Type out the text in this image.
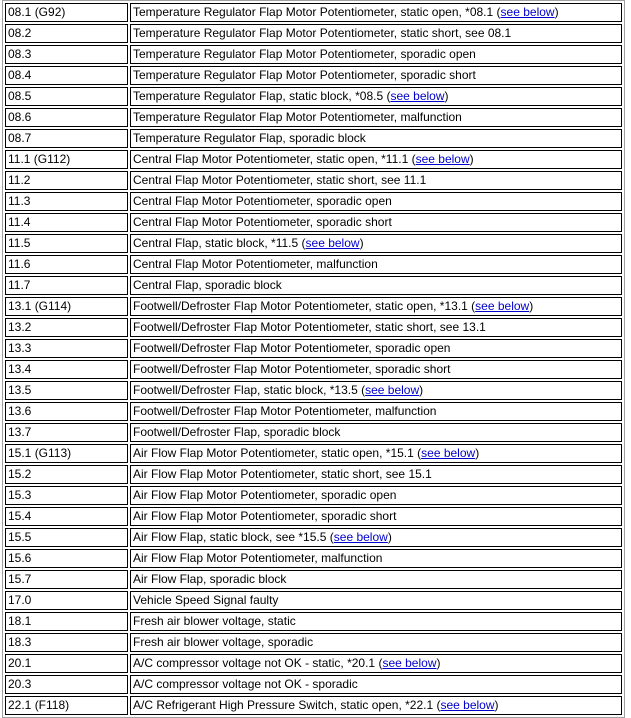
08.1 (G92)	Temperature Regulator Flap Motor Potentiometer, static open, *08.1 (see below)
08.2	Temperature Regulator Flap Motor Potentiometer, static short, see 08.1
08.3	Temperature Regulator Flap Motor Potentiometer, sporadic open
08.4	Temperature Regulator Flap Motor Potentiometer, sporadic short
08.5	Temperature Regulator Flap, static block, *08.5 (see below)
08.6	Temperature Regulator Flap Motor Potentiometer, malfunction
08.7	Temperature Regulator Flap, sporadic block
11.1 (G112)	Central Flap Motor Potentiometer, static open, *11.1 (see below)
11.2	Central Flap Motor Potentiometer, static short, see 11.1
11.3	Central Flap Motor Potentiometer, sporadic open
11.4	Central Flap Motor Potentiometer, sporadic short
11.5	Central Flap, static block, *11.5 (see below)
11.6	Central Flap Motor Potentiometer, malfunction
11.7	Central Flap, sporadic block
13.1 (G114)	Footwell/Defroster Flap Motor Potentiometer, static open, *13.1 (see below)
13.2	Footwell/Defroster Flap Motor Potentiometer, static short, see 13.1
13.3	Footwell/Defroster Flap Motor Potentiometer, sporadic open
13.4	Footwell/Defroster Flap Motor Potentiometer, sporadic short
13.5	Footwell/Defroster Flap, static block, *13.5 (see below)
13.6	Footwell/Defroster Flap Motor Potentiometer, malfunction
13.7	Footwell/Defroster Flap, sporadic block
15.1 (G113)	Air Flow Flap Motor Potentiometer, static open, *15.1 (see below)
15.2	Air Flow Flap Motor Potentiometer, static short, see 15.1
15.3	Air Flow Flap Motor Potentiometer, sporadic open
15.4	Air Flow Flap Motor Potentiometer, sporadic short
15.5	Air Flow Flap, static block, see *15.5 (see below)
15.6	Air Flow Flap Motor Potentiometer, malfunction
15.7	Air Flow Flap, sporadic block
17.0	Vehicle Speed Signal faulty
18.1	Fresh air blower voltage, static
18.3	Fresh air blower voltage, sporadic
20.1	A/C compressor voltage not OK - static, *20.1 (see below)
20.3	A/C compressor voltage not OK - sporadic
22.1 (F118)	A/C Refrigerant High Pressure Switch, static open, *22.1 (see below)
